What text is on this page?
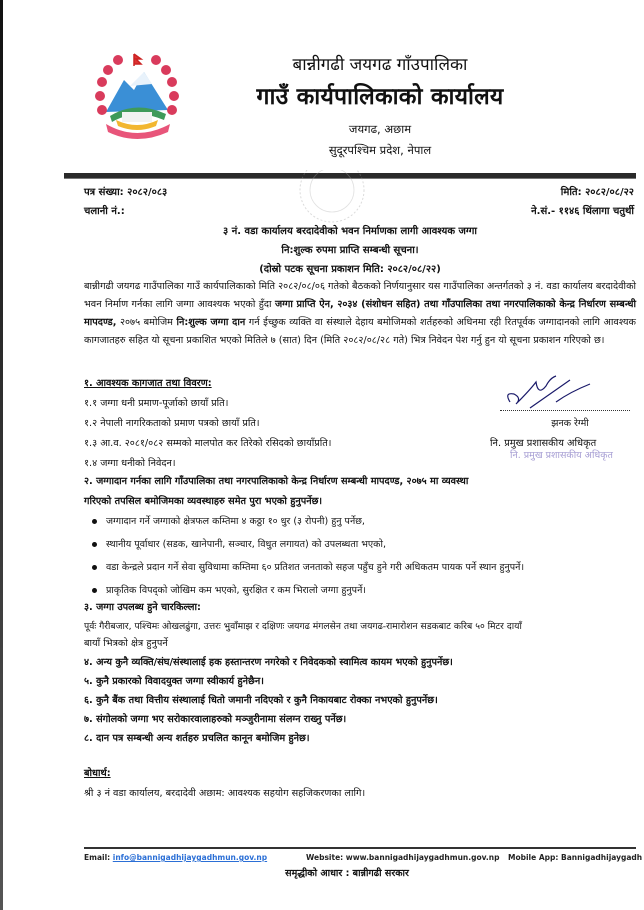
बान्नीगढी जयगढ गाँउपालिका
गाउँ कार्यपालिकाको कार्यालय
जयगढ, अछाम
सुदूरपश्चिम प्रदेश, नेपाल
पत्र संख्या: २०८२/०८३
चलानी नं.:
मिति: २०८२/०८/२२
ने.सं.- ११४६ थिंलागा चतुर्थी
३ नं. वडा कार्यालय बरदादेवीको भवन निर्माणका लागी आवश्यक जग्गा
नि:शुल्क रुपमा प्राप्ति सम्बन्धी सूचना।
(दोस्रो पटक सूचना प्रकाशन मिति: २०८२/०८/२२)
बान्नीगढी जयगढ गाउँपालिका गाउँ कार्यपालिकाको मिति २०८२/०८/०६ गतेको बैठकको निर्णयानुसार यस गाउँपालिका अन्तर्गतको ३ नं. वडा कार्यालय बरदादेवीको भवन निर्माण गर्नका लागि जग्गा आवश्यक भएको हुँदा जग्गा प्राप्ति ऐन, २०३४ (संशोधन सहित) तथा गाँउपालिका तथा नगरपालिकाको केन्द्र निर्धारण सम्बन्धी मापदण्ड, २०७५ बमोजिम नि:शुल्क जग्गा दान गर्न ईच्छुक व्यक्ति वा संस्थाले देहाय बमोजिमको शर्तहरुको अधिनमा रही रितपूर्वक जग्गादानको लागि आवश्यक कागजातहरु सहित यो सूचना प्रकाशित भएको मितिले ७ (सात) दिन (मिति २०८२/०८/२८ गते) भित्र निवेदन पेश गर्नु हुन यो सूचना प्रकाशन गरिएको छ।
१. आवश्यक कागजात तथा विवरण:
१.१ जग्गा धनी प्रमाण-पूर्जाको छायाँ प्रति।
१.२ नेपाली नागरिकताको प्रमाण पत्रको छायाँ प्रति।
१.३ आ.व. २०८१/०८२ सम्मको मालपोत कर तिरेको रसिदको छायाँप्रति।
१.४ जग्गा धनीको निवेदन।
झनक रेग्मी
नि. प्रमुख प्रशासकीय अधिकृत
नि. प्रमुख प्रशासकीय अधिकृत
२. जग्गादान गर्नका लागि गाँउपालिका तथा नगरपालिकाको केन्द्र निर्धारण सम्बन्धी मापदण्ड, २०७५ मा व्यवस्था
गरिएको तपसिल बमोजिमका व्यवस्थाहरु समेत पुरा भएको हुनुपर्नेछ।
जग्गादान गर्ने जग्गाको क्षेत्रफल कम्तिमा ४ कठ्ठा १० धुर (३ रोपनी) हुनु पर्नेछ,
स्थानीय पूर्वाधार (सडक, खानेपानी, सञ्चार, विधुत लगायत) को उपलब्धता भएको,
वडा केन्द्रले प्रदान गर्ने सेवा सुविधामा कम्तिमा ६० प्रतिशत जनताको सहज पहुँच हुने गरी अधिकतम पायक पर्ने स्थान हुनुपर्ने।
प्राकृतिक विपद्को जोखिम कम भएको, सुरक्षित र कम भिरालो जग्गा हुनुपर्ने।
३. जग्गा उपलब्ध हुने चारकिल्ला:
पूर्वः गैरीबजार, पश्चिमः ओखलढुंगा, उत्तरः भुवाँमाझ र दक्षिणः जयगढ मंगलसेन तथा जयगढ-रामारोशन सडकबाट करिब ५० मिटर दायाँ
बायाँ भित्रको क्षेत्र हुनुपर्ने
४. अन्य कुनै व्यक्ति/संघ/संस्थालाई हक हस्तान्तरण नगरेको र निवेदकको स्वामित्व कायम भएको हुनुपर्नेछ।
५. कुनै प्रकारको विवादयुक्त जग्गा स्वीकार्य हुनेछैन।
६. कुनै बैंक तथा वित्तीय संस्थालाई धितो जमानी नदिएको र कुनै निकायबाट रोक्का नभएको हुनुपर्नेछ।
७. संगोलको जग्गा भए सरोकारवालाहरुको मञ्जुरीनामा संलग्न राख्नु पर्नेछ।
८. दान पत्र सम्बन्धी अन्य शर्तहरु प्रचलित कानून बमोजिम हुनेछ।
बोधार्थ:
श्री ३ नं वडा कार्यालय, बरदादेवी अछाम: आवश्यक सहयोग सहजिकरणका लागि।
Email: info@bannigadhijaygadhmun.gov.np	Website: www.bannigadhijaygadhmun.gov.np Mobile App: Bannigadhijaygadh
समृद्धीको आधार : बान्नीगढी सरकार
